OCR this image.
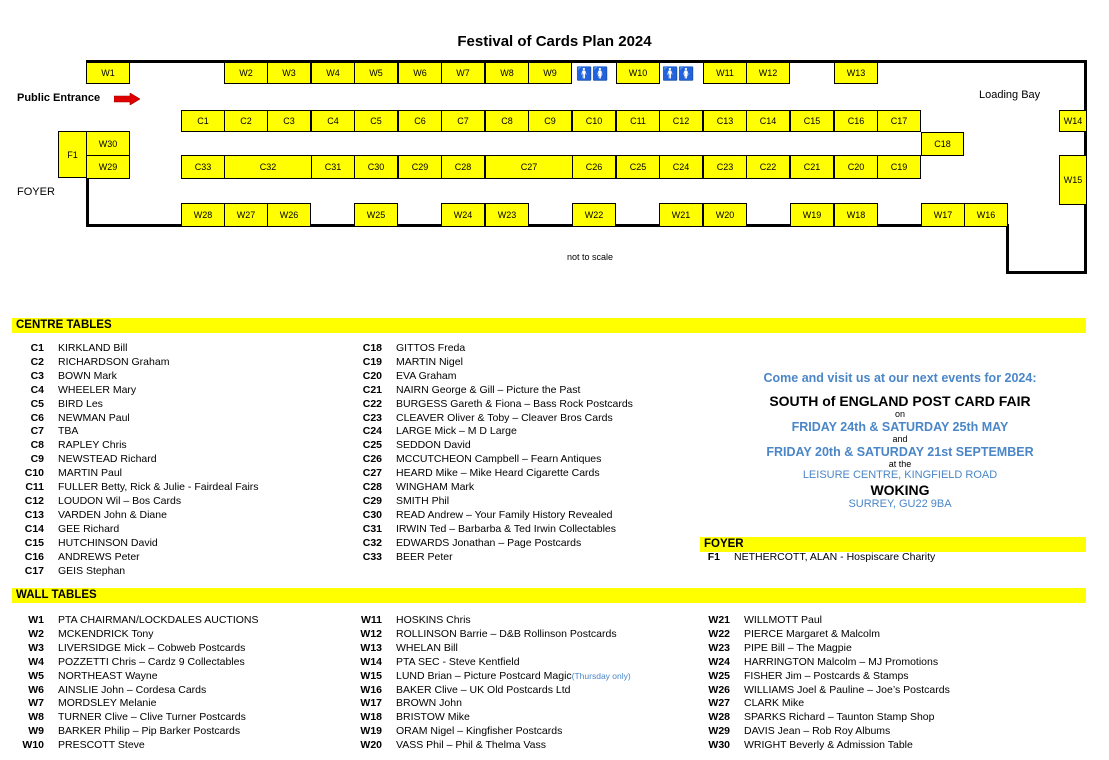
Festival of Cards Plan 2024
Public Entrance
FOYER
Loading Bay
not to scale
🚹🚺	🚹🚺
W1	W2	W3	W4	W5	W6	W7	W8	W9	W10	W11	W12	W13
C1	C2	C3	C4	C5	C6	C7	C8	C9	C10	C11	C12	C13	C14	C15	C16	C17
C18
C33	C32	C31	C30	C29	C28	C27	C26	C25	C24	C23	C22	C21	C20	C19
F1
W30
W29
W14
W15
W28	W27	W26	W25	W24	W23	W22	W21	W20	W19	W18	W17	W16
CENTRE TABLES
C1	KIRKLAND Bill
C2	RICHARDSON Graham
C3	BOWN Mark
C4	WHEELER Mary
C5	BIRD Les
C6	NEWMAN Paul
C7	TBA
C8	RAPLEY Chris
C9	NEWSTEAD Richard
C10	MARTIN Paul
C11	FULLER Betty, Rick & Julie - Fairdeal Fairs
C12	LOUDON Wil – Bos Cards
C13	VARDEN John & Diane
C14	GEE Richard
C15	HUTCHINSON David
C16	ANDREWS Peter
C17	GEIS Stephan
C18	GITTOS Freda
C19	MARTIN Nigel
C20	EVA Graham
C21	NAIRN George & Gill – Picture the Past
C22	BURGESS Gareth & Fiona – Bass Rock Postcards
C23	CLEAVER Oliver & Toby – Cleaver Bros Cards
C24	LARGE Mick – M D Large
C25	SEDDON David
C26	MCCUTCHEON Campbell – Fearn Antiques
C27	HEARD Mike – Mike Heard Cigarette Cards
C28	WINGHAM Mark
C29	SMITH Phil
C30	READ Andrew – Your Family History Revealed
C31	IRWIN Ted – Barbarba & Ted Irwin Collectables
C32	EDWARDS Jonathan – Page Postcards
C33	BEER Peter
Come and visit us at our next events for 2024:
SOUTH of ENGLAND POST CARD FAIR
on
FRIDAY 24th & SATURDAY 25th MAY
and
FRIDAY 20th & SATURDAY 21st SEPTEMBER
at the
LEISURE CENTRE, KINGFIELD ROAD
WOKING
SURREY, GU22 9BA
FOYER
F1	NETHERCOTT, ALAN - Hospiscare Charity
WALL TABLES
W1	PTA CHAIRMAN/LOCKDALES AUCTIONS
W2	MCKENDRICK Tony
W3	LIVERSIDGE Mick – Cobweb Postcards
W4	POZZETTI Chris – Cardz 9 Collectables
W5	NORTHEAST Wayne
W6	AINSLIE John – Cordesa Cards
W7	MORDSLEY Melanie
W8	TURNER Clive – Clive Turner Postcards
W9	BARKER Philip – Pip Barker Postcards
W10	PRESCOTT Steve
W11	HOSKINS Chris
W12	ROLLINSON Barrie – D&B Rollinson Postcards
W13	WHELAN Bill
W14	PTA SEC - Steve Kentfield
W15	LUND Brian – Picture Postcard Magic (Thursday only)
W16	BAKER Clive – UK Old Postcards Ltd
W17	BROWN John
W18	BRISTOW Mike
W19	ORAM Nigel – Kingfisher Postcards
W20	VASS Phil – Phil & Thelma Vass
W21	WILLMOTT Paul
W22	PIERCE Margaret & Malcolm
W23	PIPE Bill – The Magpie
W24	HARRINGTON Malcolm – MJ Promotions
W25	FISHER Jim – Postcards & Stamps
W26	WILLIAMS Joel & Pauline – Joe’s Postcards
W27	CLARK Mike
W28	SPARKS Richard – Taunton Stamp Shop
W29	DAVIS Jean – Rob Roy Albums
W30	WRIGHT Beverly & Admission Table
